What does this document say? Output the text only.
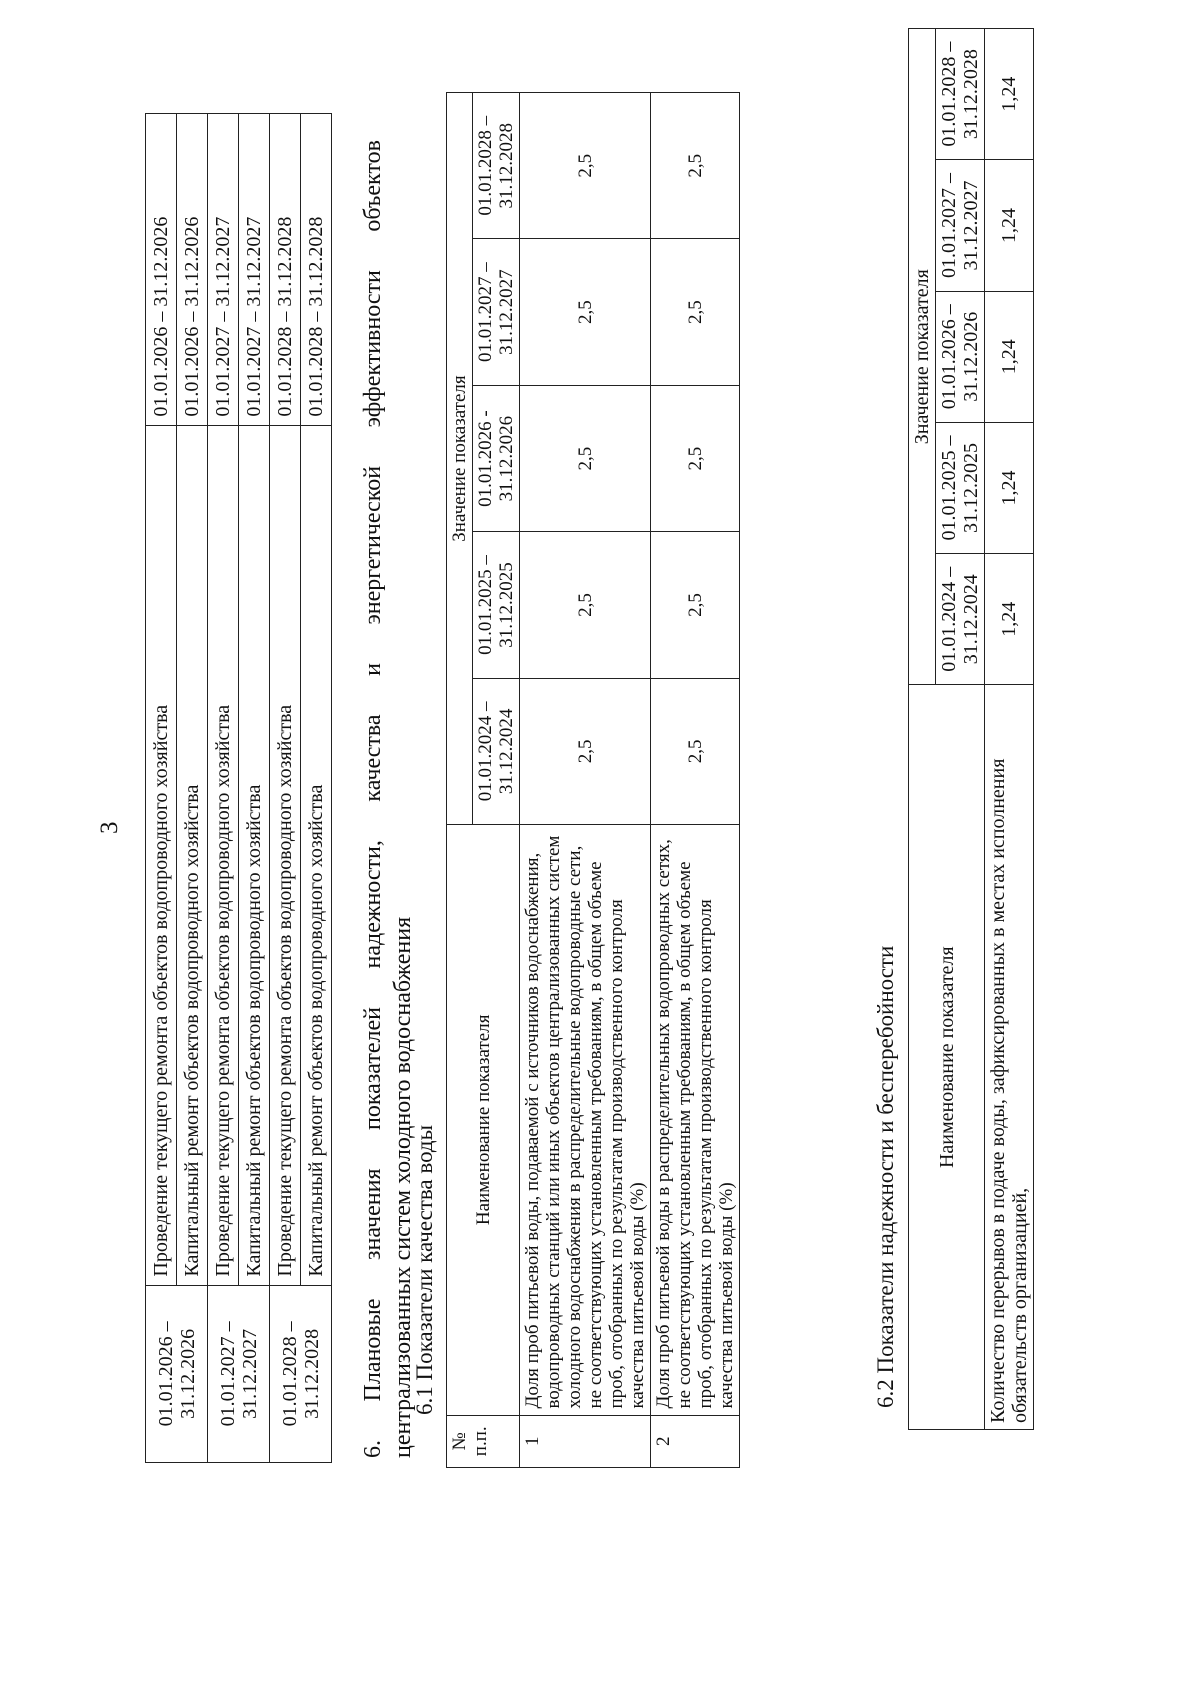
3
01.01.2026 – 31.12.2026	Проведение текущего ремонта объектов водопроводного хозяйства	01.01.2026 – 31.12.2026
	Капитальный ремонт объектов водопроводного хозяйства	01.01.2026 – 31.12.2026
01.01.2027 – 31.12.2027	Проведение текущего ремонта объектов водопроводного хозяйства	01.01.2027 – 31.12.2027
	Капитальный ремонт объектов водопроводного хозяйства	01.01.2027 – 31.12.2027
01.01.2028 – 31.12.2028	Проведение текущего ремонта объектов водопроводного хозяйства	01.01.2028 – 31.12.2028
	Капитальный ремонт объектов водопроводного хозяйства	01.01.2028 – 31.12.2028
6.
Плановые
значения
показателей
надежности,
качества
и
энергетической
эффективности
объектов
централизованных систем холодного водоснабжения
6.1 Показатели качества воды
№ п.п.	Наименование показателя	Значение показателя				
		01.01.2024 – 31.12.2024	01.01.2025 – 31.12.2025	01.01.2026 - 31.12.2026	01.01.2027 – 31.12.2027	01.01.2028 – 31.12.2028
1	Доля проб питьевой воды, подаваемой с источников водоснабжения, водопроводных станций или иных объектов централизованных систем холодного водоснабжения в распределительные водопроводные сети, не соответствующих установленным требованиям, в общем объеме проб, отобранных по результатам производственного контроля качества питьевой воды (%)	2,5	2,5	2,5	2,5	2,5
2	Доля проб питьевой воды в распределительных водопроводных сетях, не соответствующих установленным требованиям, в общем объеме проб, отобранных по результатам производственного контроля качества питьевой воды (%)	2,5	2,5	2,5	2,5	2,5
6.2 Показатели надежности и бесперебойности Наименование показателя	Значение показателя				
	01.01.2024 – 31.12.2024	01.01.2025 – 31.12.2025	01.01.2026 – 31.12.2026	01.01.2027 – 31.12.2027	01.01.2028 – 31.12.2028
Количество перерывов в подаче воды, зафиксированных в местах исполнения обязательств организацией,	1,24	1,24	1,24	1,24	1,24
